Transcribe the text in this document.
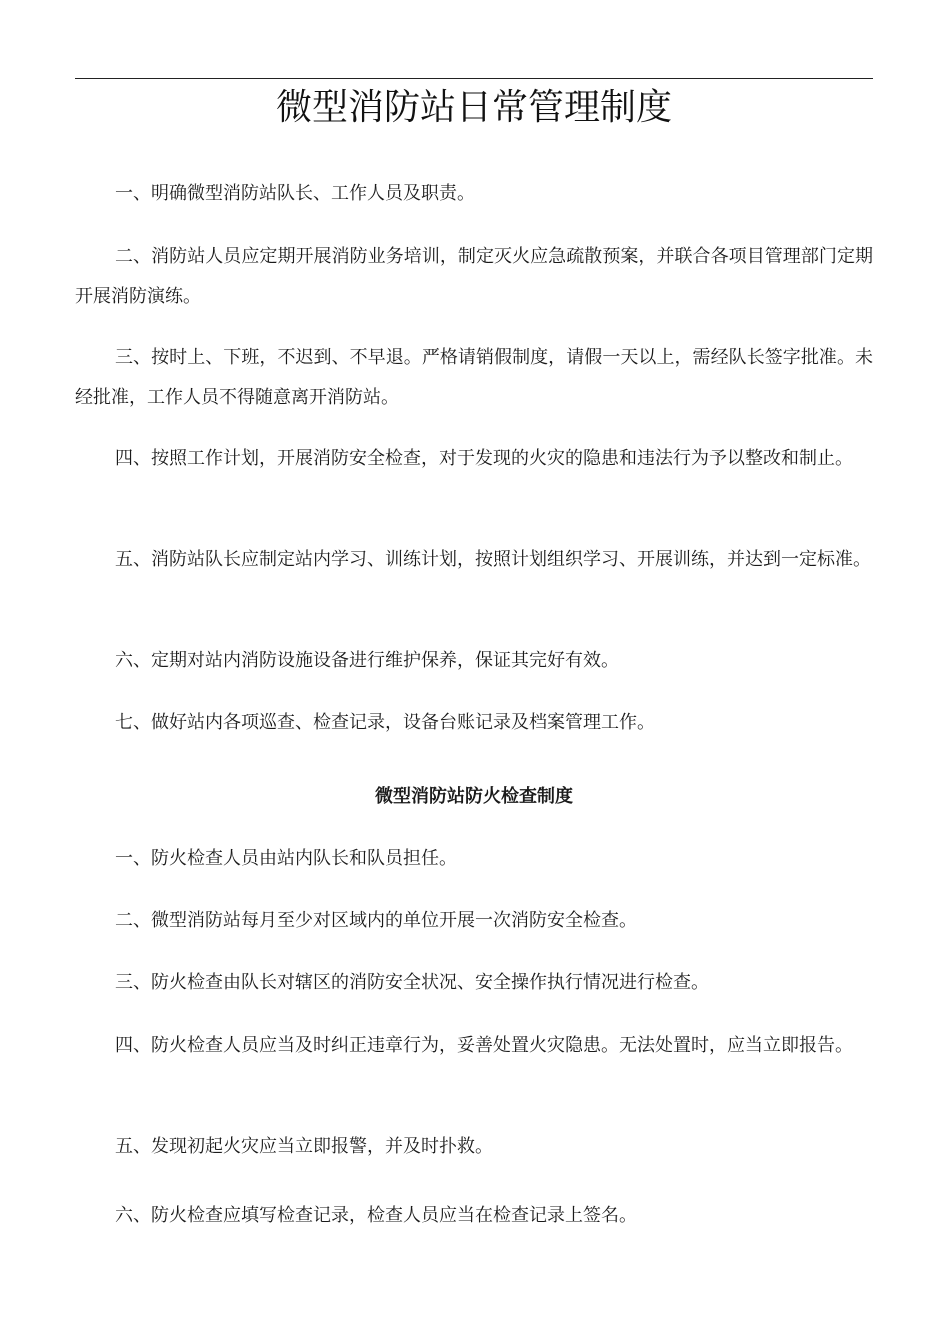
微型消防站日常管理制度

一、明确微型消防站队长、工作人员及职责。

二、消防站人员应定期开展消防业务培训，制定灭火应急疏散预案，并联合各项目管理部门定期开展消防演练。

三、按时上、下班，不迟到、不早退。严格请销假制度，请假一天以上，需经队长签字批准。未经批准，工作人员不得随意离开消防站。

四、按照工作计划，开展消防安全检查，对于发现的火灾的隐患和违法行为予以整改和制止。

五、消防站队长应制定站内学习、训练计划，按照计划组织学习、开展训练，并达到一定标准。

六、定期对站内消防设施设备进行维护保养，保证其完好有效。

七、做好站内各项巡查、检查记录，设备台账记录及档案管理工作。

微型消防站防火检查制度

一、防火检查人员由站内队长和队员担任。

二、微型消防站每月至少对区域内的单位开展一次消防安全检查。

三、防火检查由队长对辖区的消防安全状况、安全操作执行情况进行检查。

四、防火检查人员应当及时纠正违章行为，妥善处置火灾隐患。无法处置时，应当立即报告。

五、发现初起火灾应当立即报警，并及时扑救。

六、防火检查应填写检查记录，检查人员应当在检查记录上签名。
